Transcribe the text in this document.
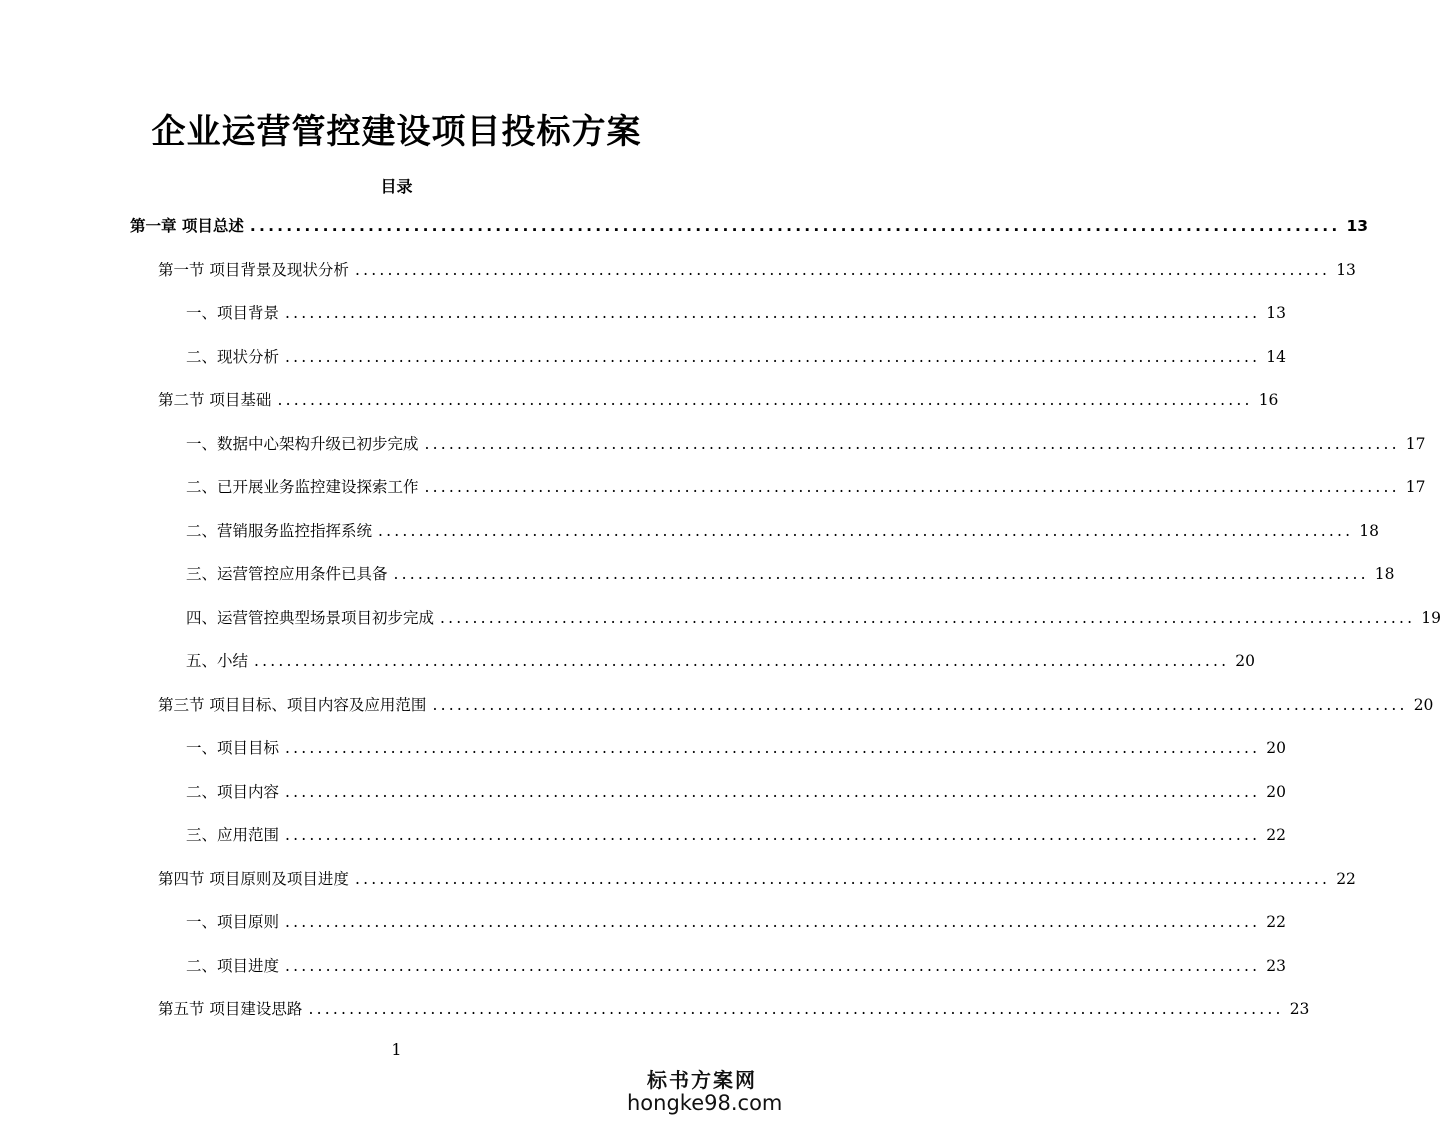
企业运营管控建设项目投标方案
目录
第一章 项目总述 ........................................................................................................................ 13
第一节 项目背景及现状分析 ........................................................................................................................ 13
一、项目背景 ........................................................................................................................ 13
二、现状分析 ........................................................................................................................ 14
第二节 项目基础 ........................................................................................................................ 16
一、数据中心架构升级已初步完成 ........................................................................................................................ 17
二、已开展业务监控建设探索工作 ........................................................................................................................ 17
二、营销服务监控指挥系统 ........................................................................................................................ 18
三、运营管控应用条件已具备 ........................................................................................................................ 18
四、运营管控典型场景项目初步完成 ........................................................................................................................ 19
五、小结 ........................................................................................................................ 20
第三节 项目目标、项目内容及应用范围 ........................................................................................................................ 20
一、项目目标 ........................................................................................................................ 20
二、项目内容 ........................................................................................................................ 20
三、应用范围 ........................................................................................................................ 22
第四节 项目原则及项目进度 ........................................................................................................................ 22
一、项目原则 ........................................................................................................................ 22
二、项目进度 ........................................................................................................................ 23
第五节 项目建设思路 ........................................................................................................................ 23
1
标书方案网
hongke98.com
